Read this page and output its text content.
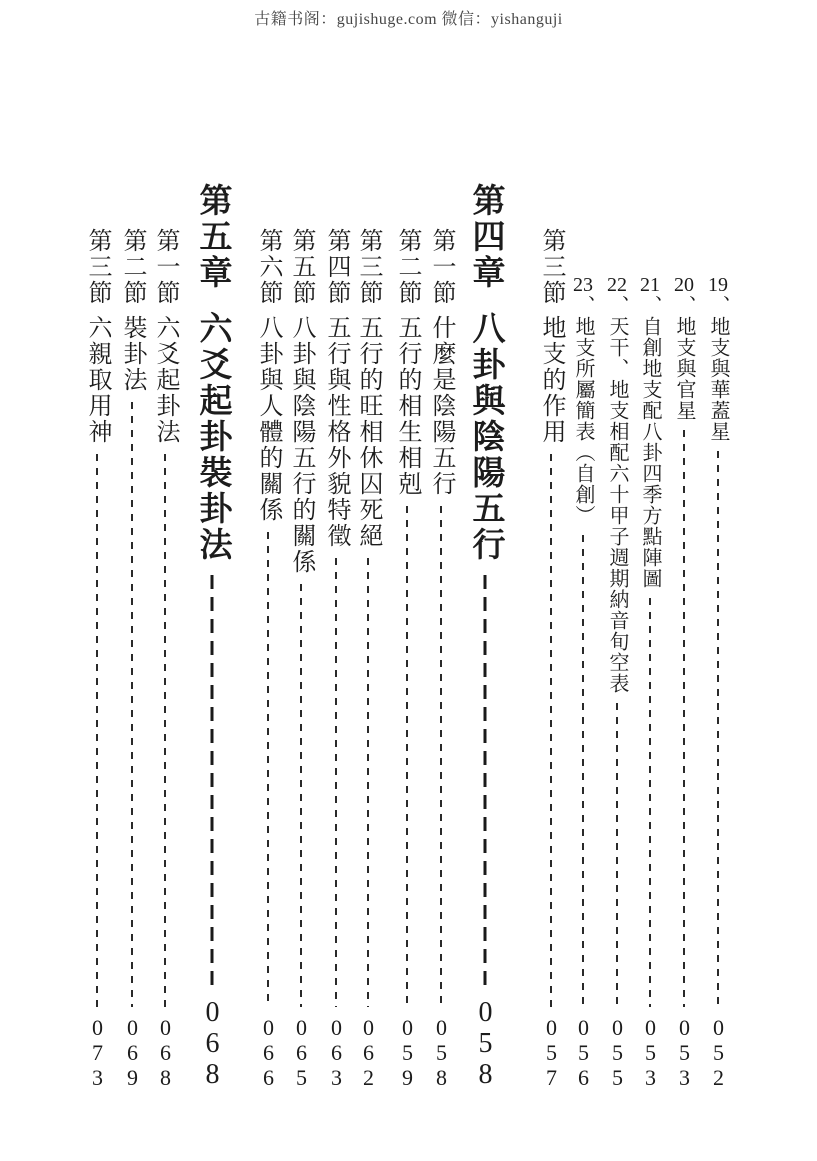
古籍书阁：gujishuge.com 微信：yishanguji
19、地支與華蓋星
052
20、地支與官星
053
21、自創地支配八卦四季方點陣圖
053
22、天干、地支相配六十甲子週期納音旬空表
055
23、地支所屬簡表（自創）
056
第三節地支的作用
057
第四章八卦與陰陽五行
058
第一節什麼是陰陽五行
058
第二節五行的相生相剋
059
第三節五行的旺相休囚死絕
062
第四節五行與性格外貌特徵
063
第五節八卦與陰陽五行的關係
065
第六節八卦與人體的關係
066
第五章六爻起卦裝卦法
068
第一節六爻起卦法
068
第二節裝卦法
069
第三節六親取用神
073
